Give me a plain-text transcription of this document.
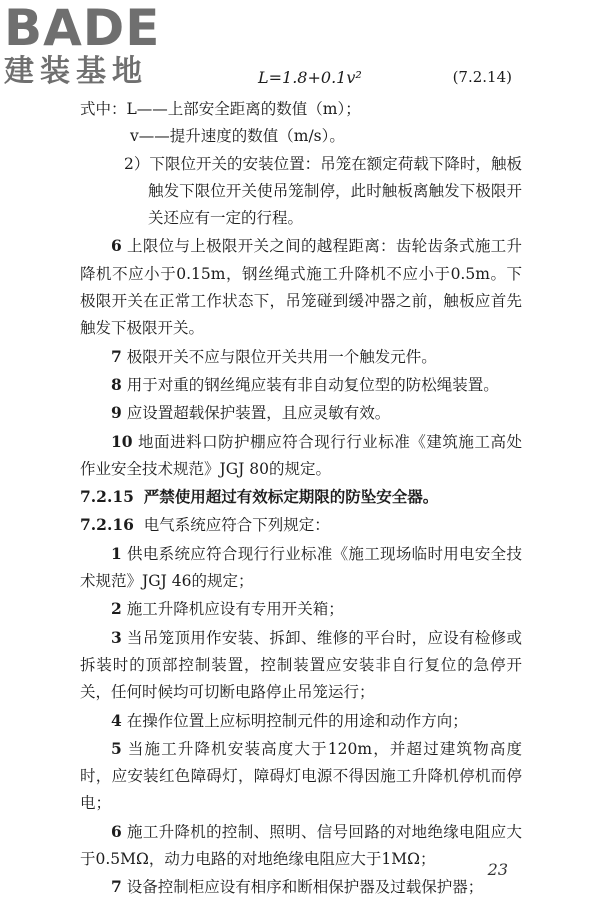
BADE

建装基地	L=1.8+0.1v²	(7.2.14)

式中：L——上部安全距离的数值（m）；

v——提升速度的数值（m/s）。

2）下限位开关的安装位置：吊笼在额定荷载下降时，触板触发下限位开关使吊笼制停，此时触板离触发下极限开关还应有一定的行程。

6 上限位与上极限开关之间的越程距离：齿轮齿条式施工升降机不应小于0.15m，钢丝绳式施工升降机不应小于0.5m。下极限开关在正常工作状态下，吊笼碰到缓冲器之前，触板应首先触发下极限开关。

7 极限开关不应与限位开关共用一个触发元件。

8 用于对重的钢丝绳应装有非自动复位型的防松绳装置。

9 应设置超载保护装置，且应灵敏有效。

10 地面进料口防护棚应符合现行行业标准《建筑施工高处作业安全技术规范》JGJ 80的规定。

7.2.15 严禁使用超过有效标定期限的防坠安全器。

7.2.16 电气系统应符合下列规定：

1 供电系统应符合现行行业标准《施工现场临时用电安全技术规范》JGJ 46的规定；

2 施工升降机应设有专用开关箱；

3 当吊笼顶用作安装、拆卸、维修的平台时，应设有检修或拆装时的顶部控制装置，控制装置应安装非自行复位的急停开关，任何时候均可切断电路停止吊笼运行；

4 在操作位置上应标明控制元件的用途和动作方向；

5 当施工升降机安装高度大于120m，并超过建筑物高度时，应安装红色障碍灯，障碍灯电源不得因施工升降机停机而停电；

6 施工升降机的控制、照明、信号回路的对地绝缘电阻应大于0.5MΩ，动力电路的对地绝缘电阻应大于1MΩ；

7 设备控制柜应设有相序和断相保护器及过载保护器；

23
